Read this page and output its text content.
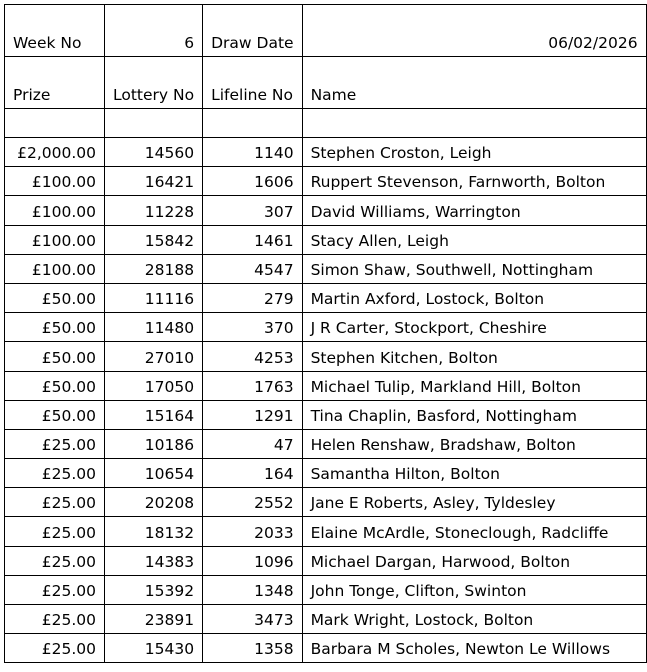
Week No	6	Draw Date	06/02/2026
Prize	Lottery No	Lifeline No	Name

£2,000.00	14560	1140	Stephen Croston, Leigh
£100.00	16421	1606	Ruppert Stevenson, Farnworth, Bolton
£100.00	11228	307	David Williams, Warrington
£100.00	15842	1461	Stacy Allen, Leigh
£100.00	28188	4547	Simon Shaw, Southwell, Nottingham
£50.00	11116	279	Martin Axford, Lostock, Bolton
£50.00	11480	370	J R Carter, Stockport, Cheshire
£50.00	27010	4253	Stephen Kitchen, Bolton
£50.00	17050	1763	Michael Tulip, Markland Hill, Bolton
£50.00	15164	1291	Tina Chaplin, Basford, Nottingham
£25.00	10186	47	Helen Renshaw, Bradshaw, Bolton
£25.00	10654	164	Samantha Hilton, Bolton
£25.00	20208	2552	Jane E Roberts, Asley, Tyldesley
£25.00	18132	2033	Elaine McArdle, Stoneclough, Radcliffe
£25.00	14383	1096	Michael Dargan, Harwood, Bolton
£25.00	15392	1348	John Tonge, Clifton, Swinton
£25.00	23891	3473	Mark Wright, Lostock, Bolton
£25.00	15430	1358	Barbara M Scholes, Newton Le Willows
